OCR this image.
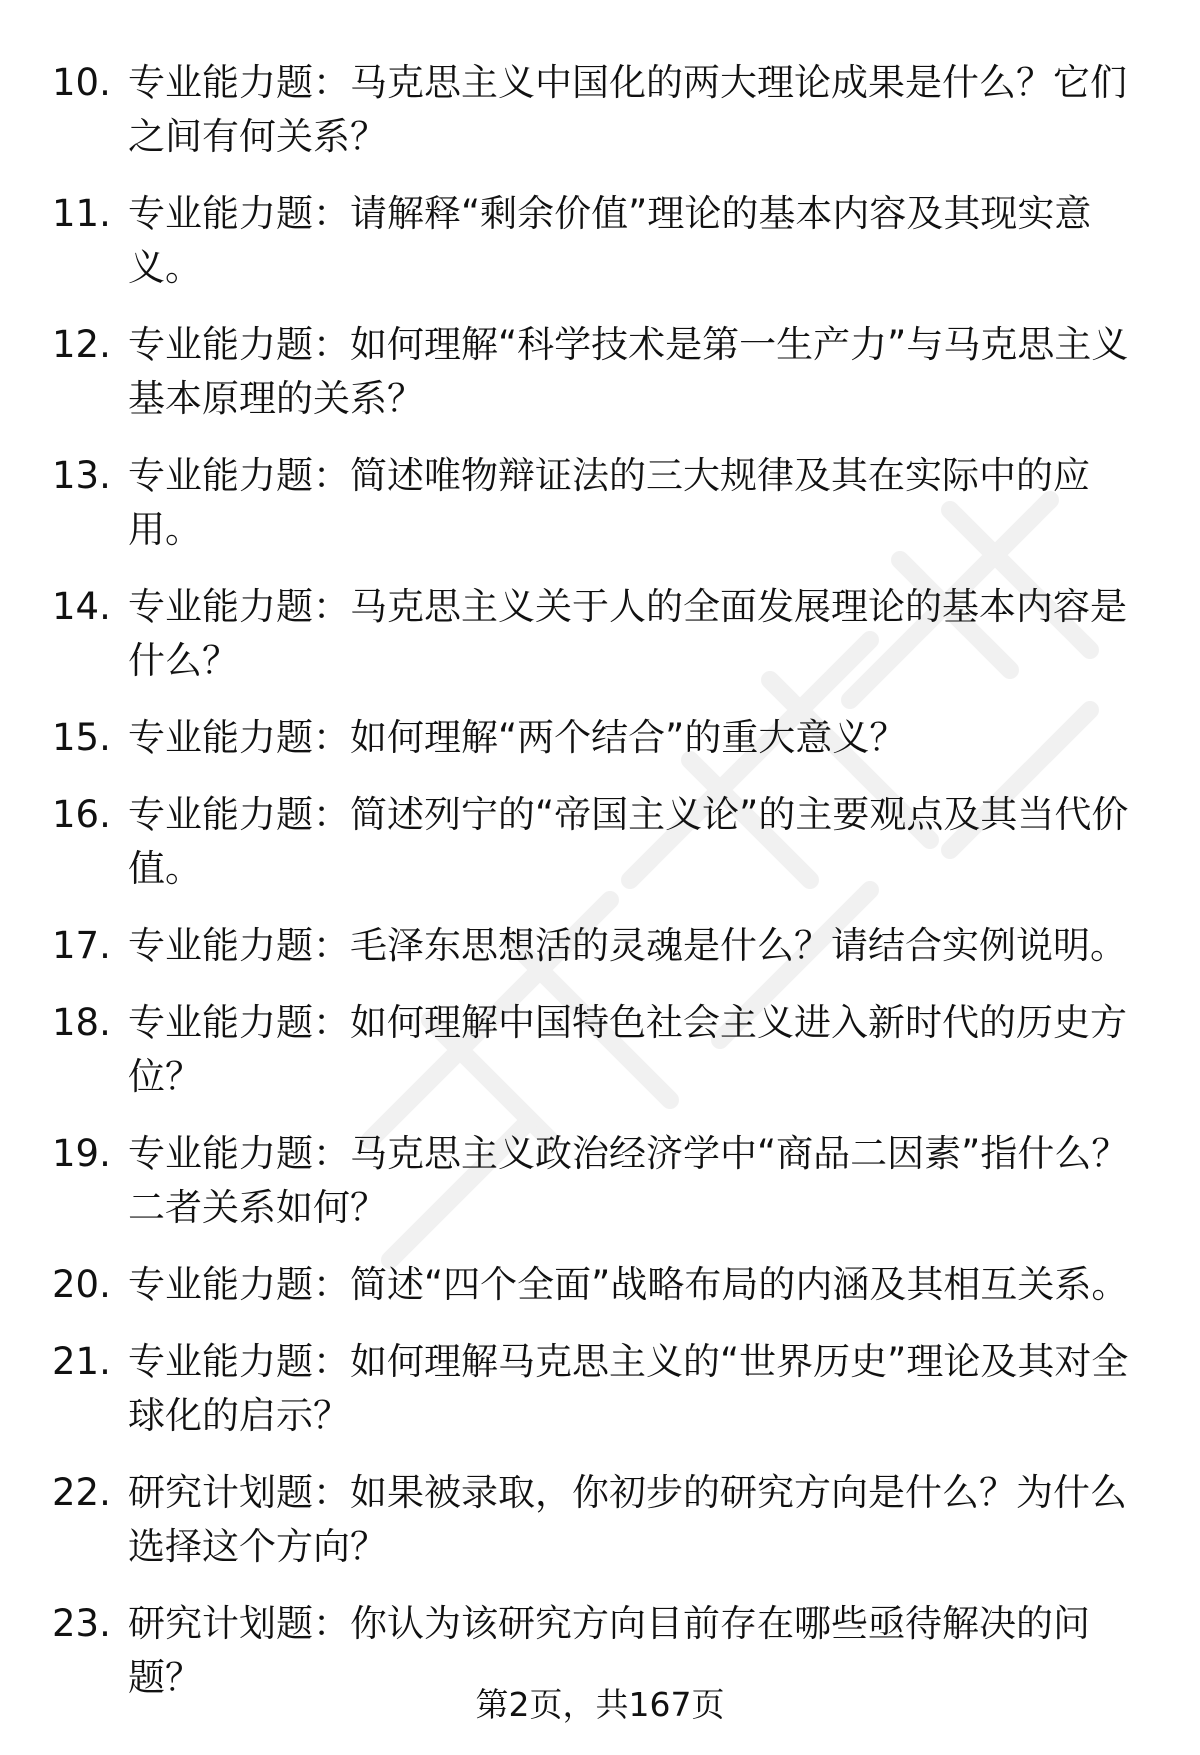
10. 专业能力题：马克思主义中国化的两大理论成果是什么？它们之间有何关系？
11. 专业能力题：请解释“剩余价值”理论的基本内容及其现实意义。
12. 专业能力题：如何理解“科学技术是第一生产力”与马克思主义基本原理的关系？
13. 专业能力题：简述唯物辩证法的三大规律及其在实际中的应用。
14. 专业能力题：马克思主义关于人的全面发展理论的基本内容是什么？
15. 专业能力题：如何理解“两个结合”的重大意义？
16. 专业能力题：简述列宁的“帝国主义论”的主要观点及其当代价值。
17. 专业能力题：毛泽东思想活的灵魂是什么？请结合实例说明。
18. 专业能力题：如何理解中国特色社会主义进入新时代的历史方位？
19. 专业能力题：马克思主义政治经济学中“商品二因素”指什么？二者关系如何？
20. 专业能力题：简述“四个全面”战略布局的内涵及其相互关系。
21. 专业能力题：如何理解马克思主义的“世界历史”理论及其对全球化的启示？
22. 研究计划题：如果被录取，你初步的研究方向是什么？为什么选择这个方向？
23. 研究计划题：你认为该研究方向目前存在哪些亟待解决的问题？
第2页，共167页
